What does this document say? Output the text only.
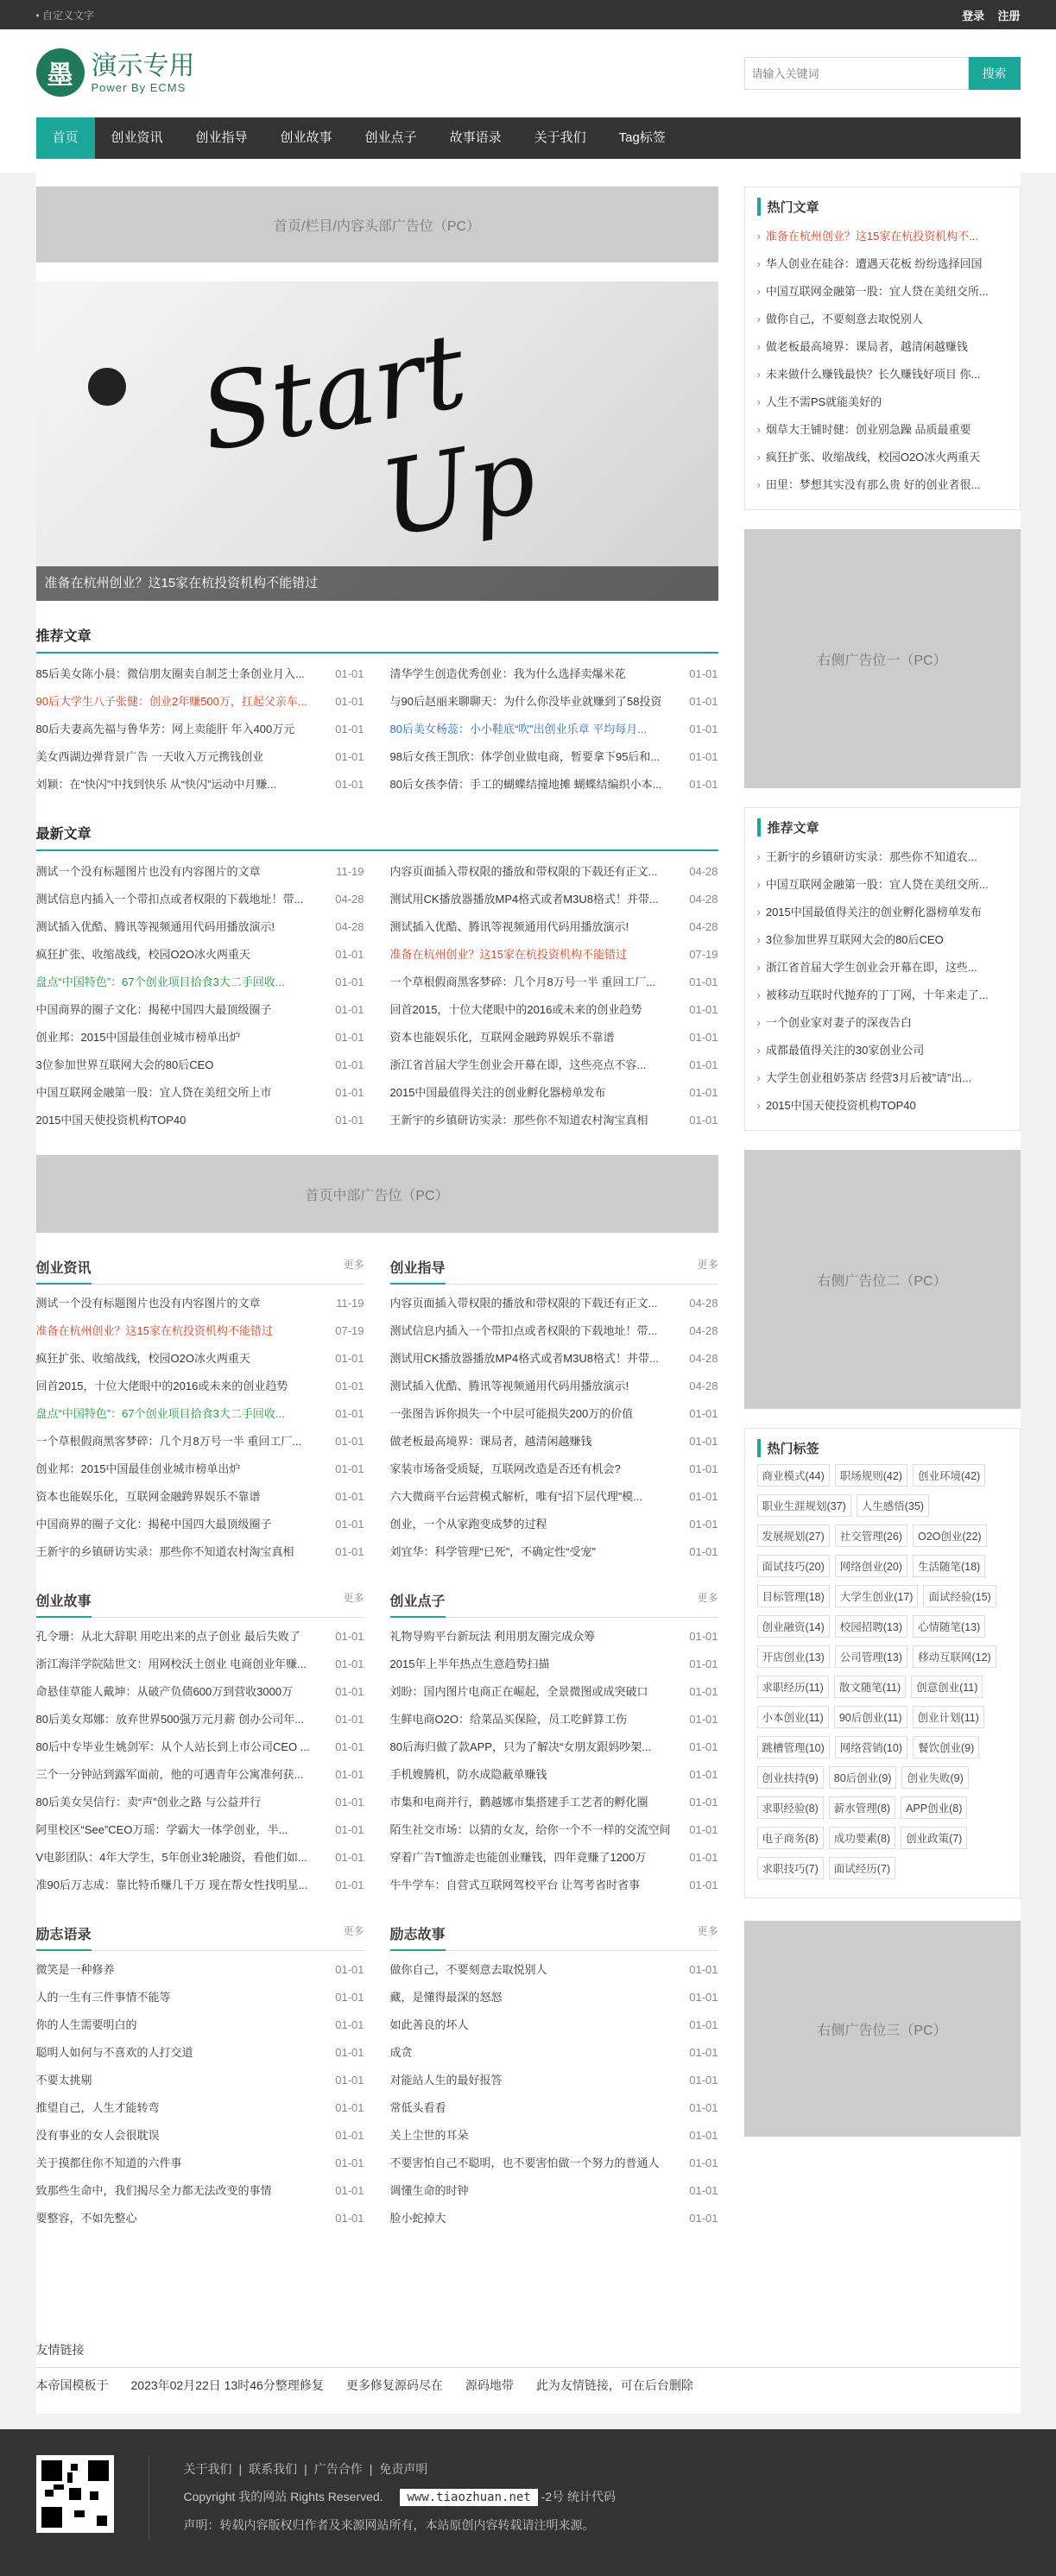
• 自定义文字	登录 注册
墨 演示专用
Power By ECMS
请输入关键词
搜索
首页	创业资讯	创业指导	创业故事	创业点子	故事语录	关于我们	Tag标签
首页/栏目/内容头部广告位（PC）
Start
Up
准备在杭州创业？这15家在杭投资机构不能错过
推荐文章
85后美女陈小晨：微信朋友圈卖自制芝士条创业月入...	01-01
90后大学生八子张健：创业2年赚500万，扛起父亲车...	01-01
80后夫妻高先福与鲁华芳：网上卖能肝 年入400万元	01-01
美女西湖边弹背景广告 一天收入万元携钱创业	01-01
刘颖：在“快闪”中找到快乐 从“快闪”运动中月赚...	01-01
清华学生创造优秀创业：我为什么选择卖爆米花	01-01
与90后赵丽来聊聊天：为什么你没毕业就赚到了58投资 01-01
80后美女杨蕊：小小鞋底“吹”出创业乐章 平均每月...	01-01
98后女孩王凯欣：体学创业做电商，暂要拿下95后和...	01-01
80后女孩李倩：手工的蝴蝶结撞地摊 蝴蝶结编织小本... 01-01
最新文章
测试一个没有标题图片也没有内容图片的文章	11-19
测试信息内插入一个带扣点或者权限的下载地址！带...	04-28
测试插入优酷、腾讯等视频通用代码用播放演示!	04-28
疯狂扩张、收缩战线，校园O2O冰火两重天	01-01
盘点“中国特色”：67个创业项目拾食3大二手回收...	01-01
中国商界的圈子文化：揭秘中国四大最顶级圈子	01-01
创业邦：2015中国最佳创业城市榜单出炉	01-01
3位参加世界互联网大会的80后CEO	01-01
中国互联网金融第一股：宜人贷在美纽交所上市	01-01
2015中国天使投资机构TOP40	01-01
内容页面插入带权限的播放和带权限的下载还有正文...	04-28
测试用CK播放器播放MP4格式或者M3U8格式！并带...	04-28
测试插入优酷、腾讯等视频通用代码用播放演示!	04-28
准备在杭州创业？这15家在杭投资机构不能错过	07-19
一个草根假商黑客梦碎：几个月8万号一半 重回工厂...	01-01
回首2015，十位大佬眼中的2016或未来的创业趋势	01-01
资本也能娱乐化，互联网金融跨界娱乐不靠谱	01-01
浙江省首届大学生创业会开幕在即，这些亮点不容...	01-01
2015中国最值得关注的创业孵化器榜单发布	01-01
王新宇的乡镇研访实录：那些你不知道农村淘宝真相	01-01
首页中部广告位（PC）
创业资讯	更多
测试一个没有标题图片也没有内容图片的文章	11-19
准备在杭州创业？这15家在杭投资机构不能错过	07-19
疯狂扩张、收缩战线，校园O2O冰火两重天	01-01
回首2015，十位大佬眼中的2016或未来的创业趋势	01-01
盘点“中国特色”：67个创业项目拾食3大二手回收...	01-01
一个草根假商黑客梦碎：几个月8万号一半 重回工厂...	01-01
创业邦：2015中国最佳创业城市榜单出炉	01-01
资本也能娱乐化，互联网金融跨界娱乐不靠谱	01-01
中国商界的圈子文化：揭秘中国四大最顶级圈子	01-01
王新宇的乡镇研访实录：那些你不知道农村淘宝真相	01-01
创业指导	更多
内容页面插入带权限的播放和带权限的下载还有正文...	04-28
测试信息内插入一个带扣点或者权限的下载地址！带...	04-28
测试用CK播放器播放MP4格式或者M3U8格式！并带...	04-28
测试插入优酷、腾讯等视频通用代码用播放演示!	04-28
一张图告诉你损失一个中层可能损失200万的价值	01-01
做老板最高境界：课局者，越清闲越赚钱	01-01
家装市场备受质疑，互联网改造是否还有机会?	01-01
六大微商平台运营模式解析，唯有“招下层代理”模...	01-01
创业，一个从家跑变成梦的过程	01-01
刘宜华：科学管理“已死”，不确定性“受宠”	01-01
创业故事	更多
孔令珊：从北大辞职 用吃出来的点子创业 最后失败了	01-01
浙江海洋学院陆世文：用网校沃土创业 电商创业年赚...	01-01
命悬佳草能人戴坤：从破产负债600万到营收3000万	01-01
80后美女郑娜：放弃世界500强万元月薪 创办公司年...	01-01
80后中专毕业生姚剑军：从个人站长到上市公司CEO ... 01-01
三个一分钟站到露军面前，他的可遇青年公寓准何获...	01-01
80后美女吴信行：卖“声”创业之路 与公益并行	01-01
阿里校区“See”CEO万瑶：学霸大一体学创业，半...	01-01
V电影团队：4年大学生，5年创业3轮融资，看他们如...	01-01
准90后万志成：靠比特币赚几千万 现在帮女性找明星... 01-01
创业点子	更多
礼物导购平台新玩法 利用朋友圈完成众筹	01-01
2015年上半年热点生意趋势扫描	01-01
刘盼：国内图片电商正在崛起，全景微图或成突破口	01-01
生鲜电商O2O：给菜品买保险，员工吃鲜算工伤	01-01
80后海归做了款APP，只为了解决“女朋友跟妈吵架...	01-01
手机嫂腾机，防水成隐蔽单赚钱	01-01
市集和电商并行，鹳越娜市集搭建手工艺者的孵化圈	01-01
陌生社交市场：以猜的女友，给你一个不一样的交流空间 01-01
穿着广告T恤游走也能创业赚钱，四年竟赚了1200万	01-01
牛牛学车：自营式互联网驾校平台 让驾考省时省事	01-01
励志语录	更多
微笑是一种修养	01-01
人的一生有三件事情不能等	01-01
你的人生需要明白的	01-01
聪明人如何与不喜欢的人打交道	01-01
不要太挑剔	01-01
推望自己，人生才能转弯	01-01
没有事业的女人会很耽误	01-01
关于摸都住你不知道的六件事	01-01
致那些生命中，我们揭尽全力都无法改变的事情	01-01
要整容，不如先整心	01-01
励志故事	更多
做你自己，不要刻意去取悦别人	01-01
藏，是懂得最深的怒怒	01-01
如此善良的坏人	01-01
成贪	01-01
对能站人生的最好报答	01-01
常低头看看	01-01
关上尘世的耳朵	01-01
不要害怕自己不聪明，也不要害怕做一个努力的普通人	01-01
调懂生命的时钟	01-01
脸小蛇掉大	01-01
热门文章
› 准备在杭州创业？这15家在杭投资机构不...
› 华人创业在硅谷：遭遇天花板 纷纷选择回国
› 中国互联网金融第一股：宜人贷在美纽交所...
› 做你自己，不要刻意去取悦别人
› 做老板最高境界：课局者，越清闲越赚钱
› 未来做什么赚钱最快？长久赚钱好项目 你...
› 人生不需PS就能美好的
› 烟草大王铺时健：创业别急躁 品质最重要
› 疯狂扩张、收缩战线，校园O2O冰火两重天
› 田里：梦想其实没有那么贵 好的创业者很...
右侧广告位一（PC）
推荐文章
› 王新宇的乡镇研访实录：那些你不知道农...
› 中国互联网金融第一股：宜人贷在美纽交所...
› 2015中国最值得关注的创业孵化器榜单发布
› 3位参加世界互联网大会的80后CEO
› 浙江省首届大学生创业会开幕在即，这些...
› 被移动互联时代抛弃的丁丁网，十年来走了...
› 一个创业家对妻子的深夜告白
› 成都最值得关注的30家创业公司
› 大学生创业租奶茶店 经营3月后被”请”出...
› 2015中国天使投资机构TOP40
右侧广告位二（PC）
热门标签
商业模式(44)	职场规则(42)	创业环境(42)
职业生涯规划(37)	人生感悟(35)
发展规划(27)	社交管理(26)	O2O创业(22)
面试技巧(20)	网络创业(20)	生活随笔(18)
目标管理(18)	大学生创业(17)	面试经验(15)
创业融资(14)	校园招聘(13)	心情随笔(13)
开店创业(13)	公司管理(13)	移动互联网(12)
求职经历(11)	散文随笔(11)	创意创业(11)
小本创业(11)	90后创业(11)	创业计划(11)
跳槽管理(10)	网络营销(10)	餐饮创业(9)
创业扶持(9)	80后创业(9)	创业失败(9)
求职经验(8)	薪水管理(8)	APP创业(8)
电子商务(8)	成功要素(8)	创业政策(7)
求职技巧(7)	面试经历(7)
右侧广告位三（PC）
友情链接
本帝国模板于 2023年02月22日 13时46分整理修复 更多修复源码尽在 源码地带 此为友情链接，可在后台删除
关于我们 | 联系我们 | 广告合作 | 免责声明
Copyright 我的网站 Rights Reserved. www.tiaozhuan.net -2号 统计代码
声明：转载内容版权归作者及来源网站所有，本站原创内容转载请注明来源。
